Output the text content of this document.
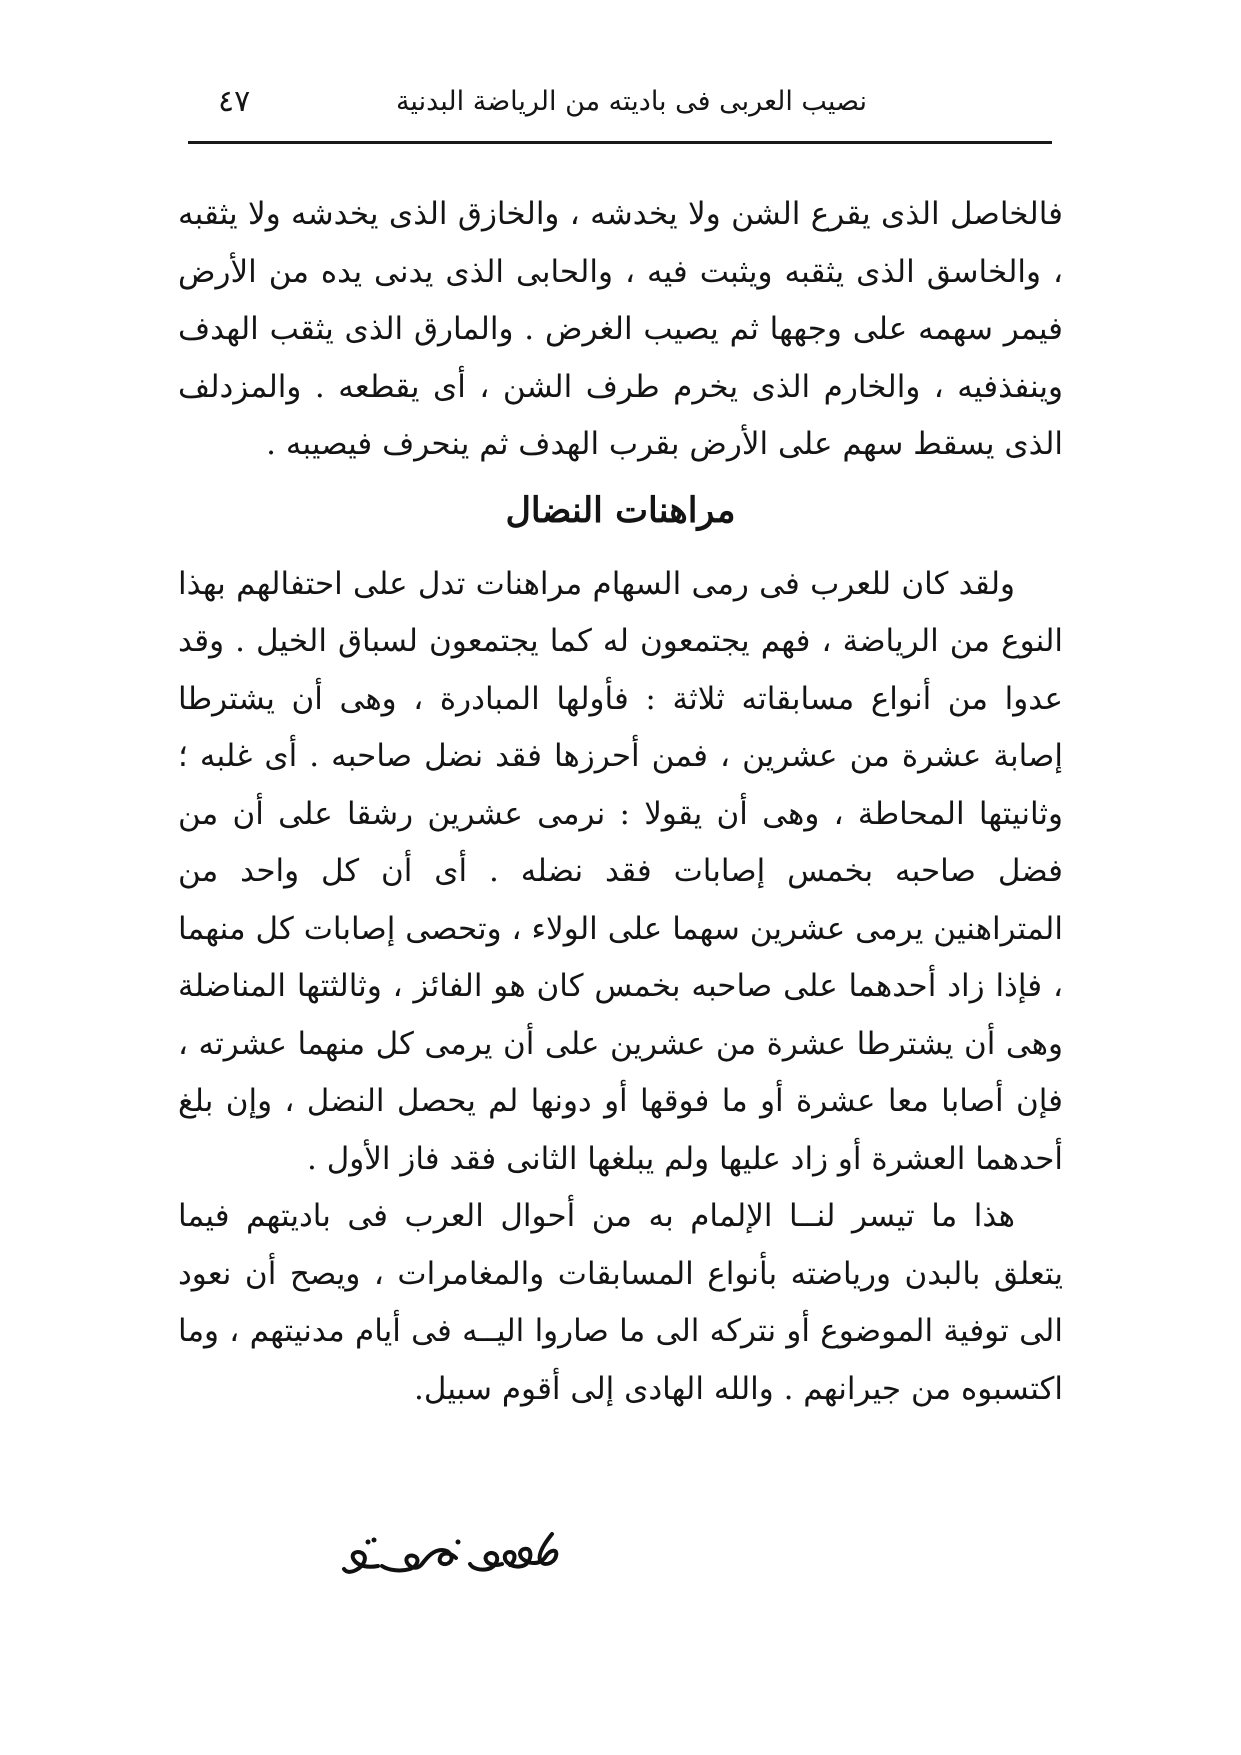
نصيب العربى فى باديته من الرياضة البدنية
٤٧

فالخاصل الذى يقرع الشن ولا يخدشه ، والخازق الذى يخدشه ولا يثقبه ، والخاسق الذى يثقبه ويثبت فيه ، والحابى الذى يدنى يده من الأرض فيمر سهمه على وجهها ثم يصيب الغرض . والمارق الذى يثقب الهدف وينفذفيه ، والخارم الذى يخرم طرف الشن ، أى يقطعه . والمزدلف الذى يسقط سهم على الأرض بقرب الهدف ثم ينحرف فيصيبه .

مراهنات النضال

ولقد كان للعرب فى رمى السهام مراهنات تدل على احتفالهم بهذا النوع من الرياضة ، فهم يجتمعون له كما يجتمعون لسباق الخيل . وقد عدوا من أنواع مسابقاته ثلاثة : فأولها المبادرة ، وهى أن يشترطا إصابة عشرة من عشرين ، فمن أحرزها فقد نضل صاحبه . أى غلبه ؛ وثانيتها المحاطة ، وهى أن يقولا : نرمى عشرين رشقا على أن من فضل صاحبه بخمس إصابات فقد نضله . أى أن كل واحد من المتراهنين يرمى عشرين سهما على الولاء ، وتحصى إصابات كل منهما ، فإذا زاد أحدهما على صاحبه بخمس كان هو الفائز ، وثالثتها المناضلة وهى أن يشترطا عشرة من عشرين على أن يرمى كل منهما عشرته ، فإن أصابا معا عشرة أو ما فوقها أو دونها لم يحصل النضل ، وإن بلغ أحدهما العشرة أو زاد عليها ولم يبلغها الثانى فقد فاز الأول .

هذا ما تيسر لنــا الإلمام به من أحوال العرب فى باديتهم فيما يتعلق بالبدن ورياضته بأنواع المسابقات والمغامرات ، ويصح أن نعود الى توفية الموضوع أو نتركه الى ما صاروا اليــه فى أيام مدنيتهم ، وما اكتسبوه من جيرانهم . والله الهادى إلى أقوم سبيل.
